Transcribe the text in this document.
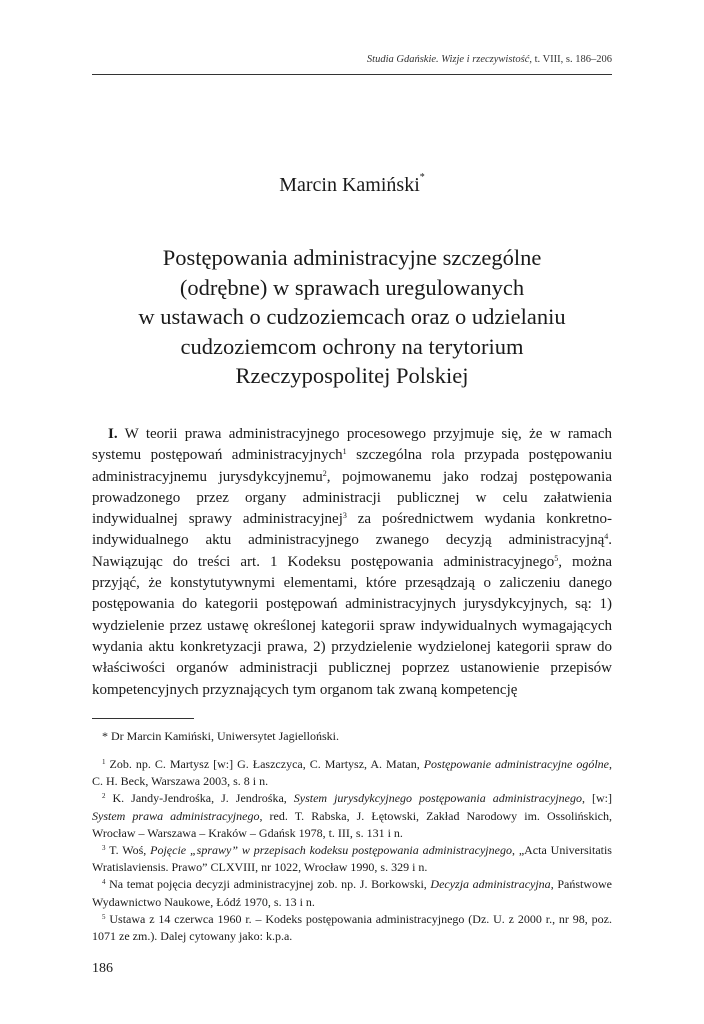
Studia Gdańskie. Wizje i rzeczywistość, t. VIII, s. 186–206
Marcin Kamiński*
Postępowania administracyjne szczególne
(odrębne) w sprawach uregulowanych
w ustawach o cudzoziemcach oraz o udzielaniu
cudzoziemcom ochrony na terytorium
Rzeczypospolitej Polskiej

I. W teorii prawa administracyjnego procesowego przyjmuje się, że w ramach systemu postępowań administracyjnych$^1$ szczególna rola przypada postępowaniu administracyjnemu jurysdykcyjnemu$^2$, pojmowanemu jako rodzaj postępowania prowadzonego przez organy administracji publicznej w celu załatwienia indywidualnej sprawy administracyjnej$^3$ za pośrednictwem wydania konkretno-indywidualnego aktu administracyjnego zwanego decyzją administracyjną$^4$. Nawiązując do treści art. 1 Kodeksu postępowania administracyjnego$^5$, można przyjąć, że konstytutywnymi elementami, które przesądzają o zaliczeniu danego postępowania do kategorii postępowań administracyjnych jurysdykcyjnych, są: 1) wydzielenie przez ustawę określonej kategorii spraw indywidualnych wymagających wydania aktu konkretyzacji prawa, 2) przydzielenie wydzielonej kategorii spraw do właściwości organów administracji publicznej poprzez ustanowienie przepisów kompetencyjnych przyznających tym organom tak zwaną kompetencję

* Dr Marcin Kamiński, Uniwersytet Jagielloński.

$^1$ Zob. np. C. Martysz [w:] G. Łaszczyca, C. Martysz, A. Matan, Postępowanie administracyjne ogólne, C. H. Beck, Warszawa 2003, s. 8 i n.

$^2$ K. Jandy-Jendrośka, J. Jendrośka, System jurysdykcyjnego postępowania administracyjnego, [w:] System prawa administracyjnego, red. T. Rabska, J. Łętowski, Zakład Narodowy im. Ossolińskich, Wrocław – Warszawa – Kraków – Gdańsk 1978, t. III, s. 131 i n.

$^3$ T. Woś, Pojęcie „sprawy” w przepisach kodeksu postępowania administracyjnego, „Acta Universitatis Wratislaviensis. Prawo” CLXVIII, nr 1022, Wrocław 1990, s. 329 i n.

$^4$ Na temat pojęcia decyzji administracyjnej zob. np. J. Borkowski, Decyzja administracyjna, Państwowe Wydawnictwo Naukowe, Łódź 1970, s. 13 i n.

$^5$ Ustawa z 14 czerwca 1960 r. – Kodeks postępowania administracyjnego (Dz. U. z 2000 r., nr 98, poz. 1071 ze zm.). Dalej cytowany jako: k.p.a.

186
